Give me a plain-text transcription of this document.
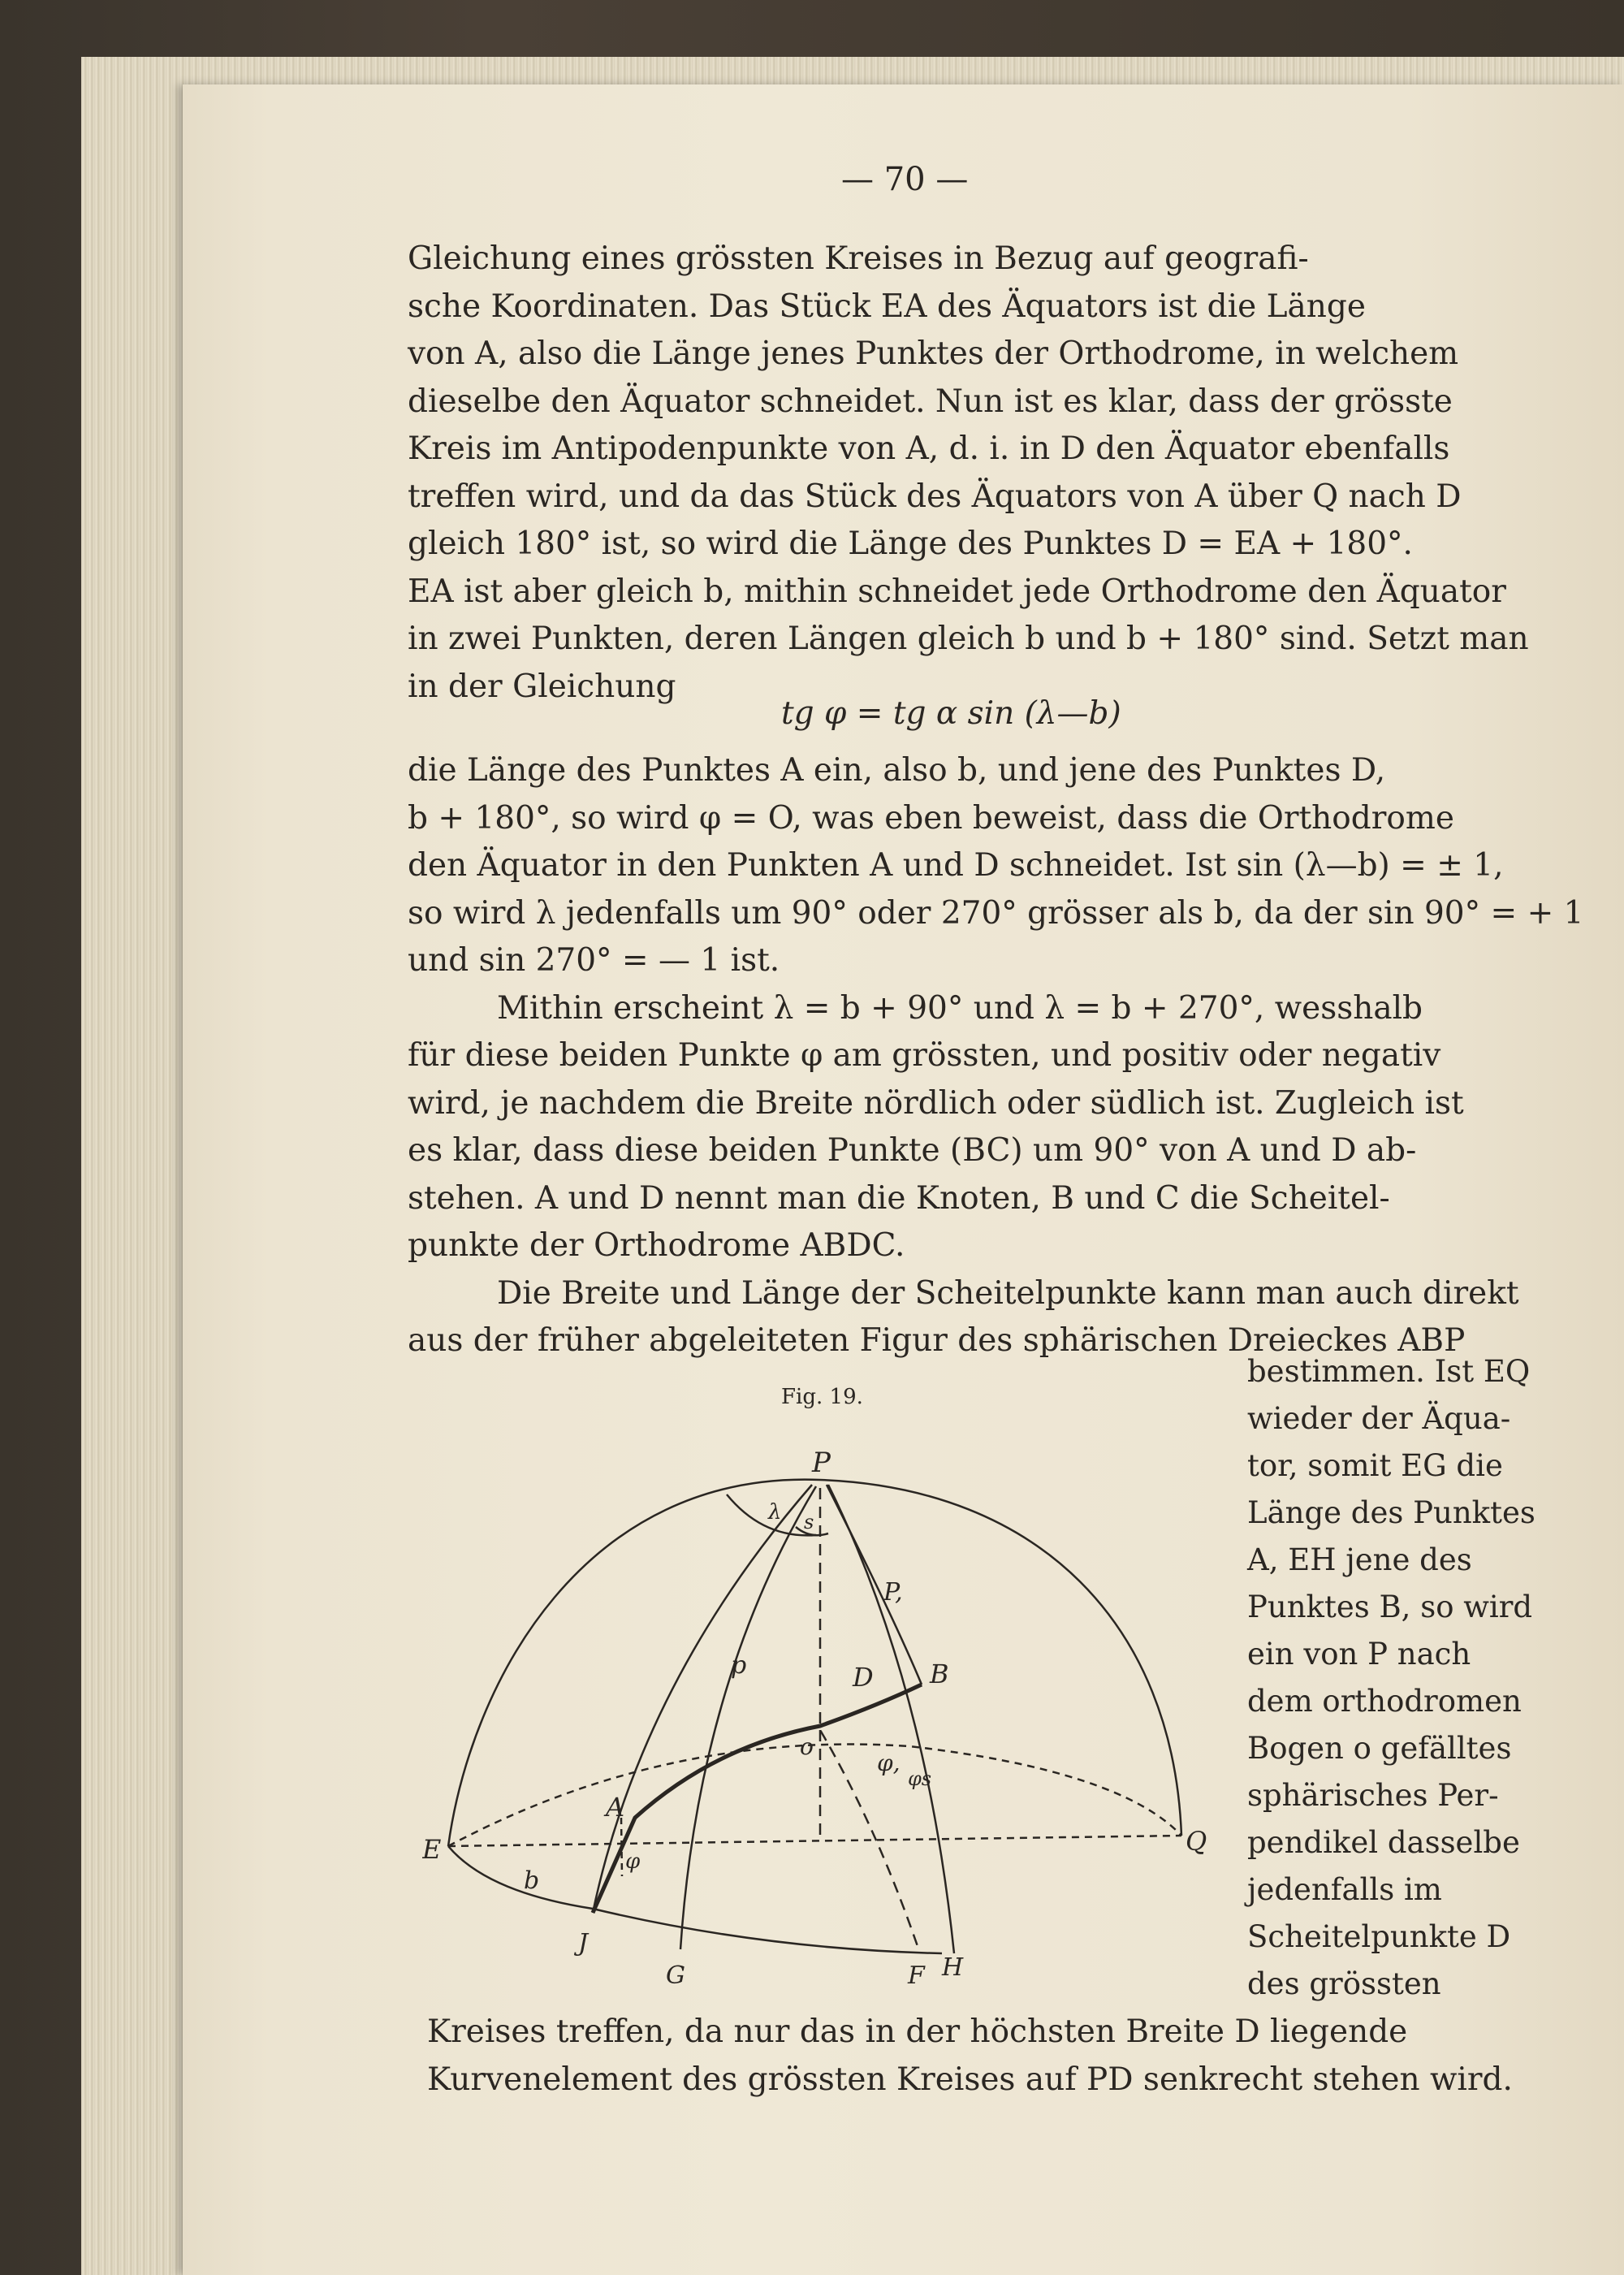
— 70 —
Gleichung eines grössten Kreises in Bezug auf geografi-
sche Koordinaten. Das Stück EA des Äquators ist die Länge
von A, also die Länge jenes Punktes der Orthodrome, in welchem
dieselbe den Äquator schneidet. Nun ist es klar, dass der grösste
Kreis im Antipodenpunkte von A, d. i. in D den Äquator ebenfalls
treffen wird, und da das Stück des Äquators von A über Q nach D
gleich 180° ist, so wird die Länge des Punktes D = EA + 180°.
EA ist aber gleich b, mithin schneidet jede Orthodrome den Äquator
in zwei Punkten, deren Längen gleich b und b + 180° sind. Setzt man
in der Gleichung
tg φ = tg α sin (λ—b)
die Länge des Punktes A ein, also b, und jene des Punktes D,
b + 180°, so wird φ = O, was eben beweist, dass die Orthodrome
den Äquator in den Punkten A und D schneidet. Ist sin (λ—b) = ± 1,
so wird λ jedenfalls um 90° oder 270° grösser als b, da der sin 90° = + 1
und sin 270° = — 1 ist.
Mithin erscheint λ = b + 90° und λ = b + 270°, wesshalb
für diese beiden Punkte φ am grössten, und positiv oder negativ
wird, je nachdem die Breite nördlich oder südlich ist. Zugleich ist
es klar, dass diese beiden Punkte (BC) um 90° von A und D ab-
stehen. A und D nennt man die Knoten, B und C die Scheitel-
punkte der Orthodrome ABDC.
Die Breite und Länge der Scheitelpunkte kann man auch direkt
aus der früher abgeleiteten Figur des sphärischen Dreieckes ABP
bestimmen. Ist EQ
wieder der Äqua-
tor, somit EG die
Länge des Punktes
A, EH jene des
Punktes B, so wird
ein von P nach
dem orthodromen
Bogen o gefälltes
sphärisches Per-
pendikel dasselbe
jedenfalls im
Scheitelpunkte D
des grössten
Fig. 19.
P
λ s
P,
p	D B
o
φ,
φs
A
E	Q
b
φ
J
G	F H
Kreises treffen, da nur das in der höchsten Breite D liegende
Kurvenelement des grössten Kreises auf PD senkrecht stehen wird.
